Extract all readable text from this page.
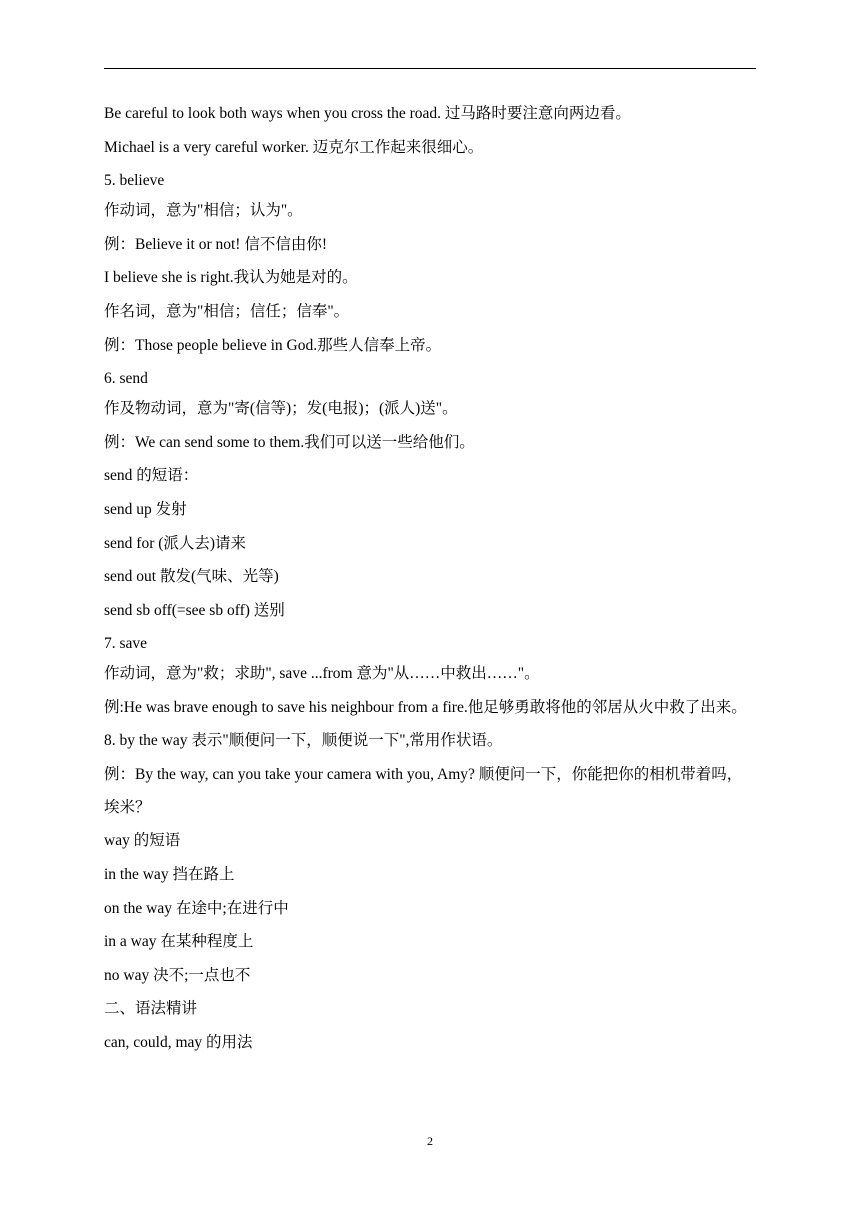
Be careful to look both ways when you cross the road. 过马路时要注意向两边看。
Michael is a very careful worker. 迈克尔工作起来很细心。
5. believe
作动词，意为"相信；认为"。
例：Believe it or not! 信不信由你!
I believe she is right.我认为她是对的。
作名词，意为"相信；信任；信奉"。
例：Those people believe in God.那些人信奉上帝。
6. send
作及物动词，意为"寄(信等)；发(电报)；(派人)送"。
例：We can send some to them.我们可以送一些给他们。
send 的短语：
send up 发射
send for (派人去)请来
send out 散发(气味、光等)
send sb off(=see sb off) 送别
7. save
作动词，意为"救；求助", save ...from 意为"从……中救出……"。
例:He was brave enough to save his neighbour from a fire.他足够勇敢将他的邻居从火中救了出来。
8. by the way 表示"顺便问一下，顺便说一下",常用作状语。
例：By the way, can you take your camera with you, Amy? 顺便问一下，你能把你的相机带着吗，埃米？
way 的短语
in the way 挡在路上
on the way 在途中;在进行中
in a way 在某种程度上
no way 决不;一点也不
二、语法精讲
can, could, may 的用法
2
